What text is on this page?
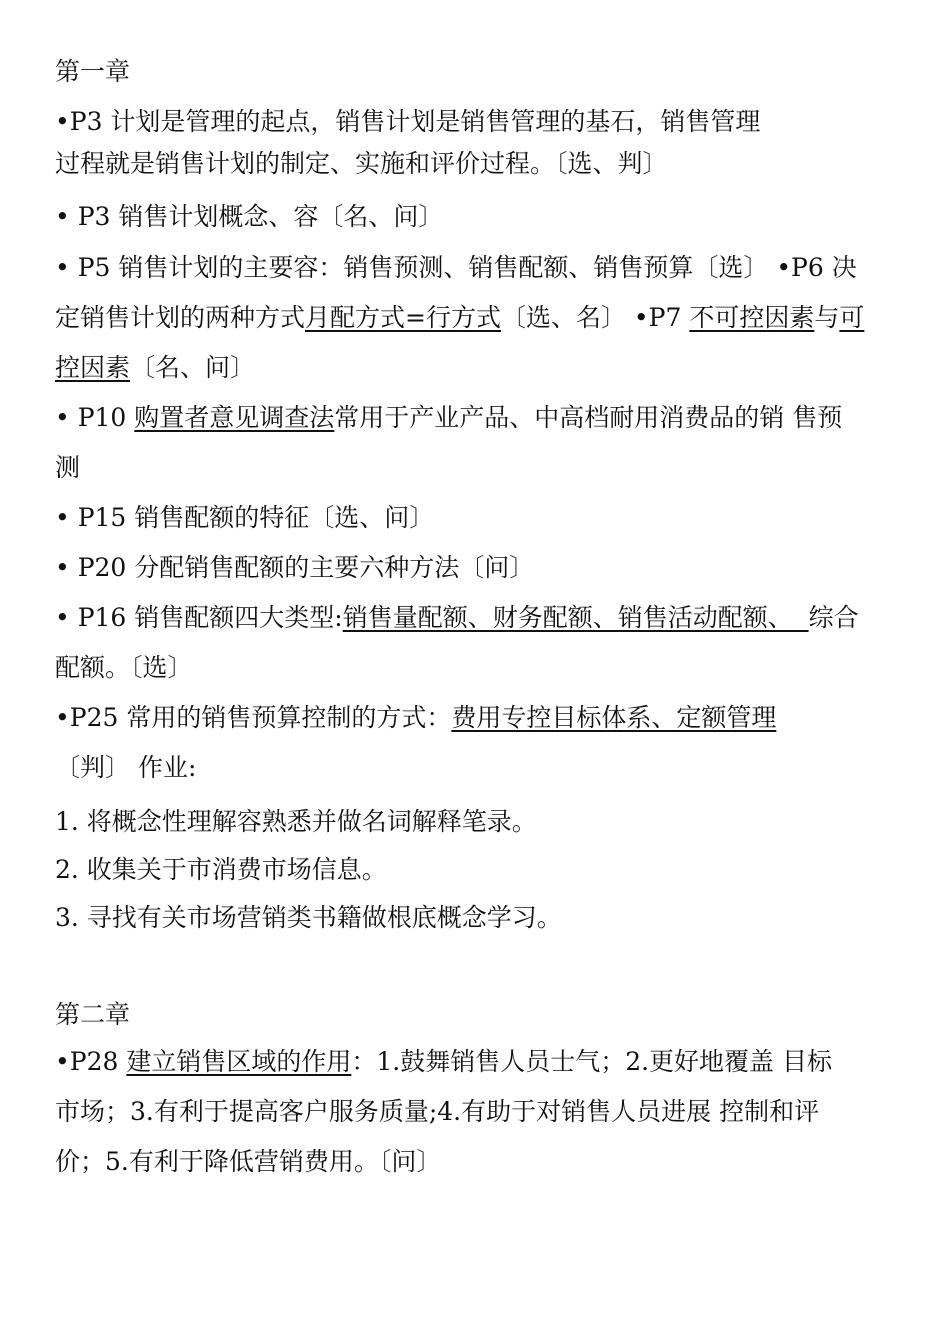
第一章
•P3 计划是管理的起点，销售计划是销售管理的基石，销售管理
过程就是销售计划的制定、实施和评价过程。〔选、判〕
• P3 销售计划概念、容〔名、问〕
• P5 销售计划的主要容：销售预测、销售配额、销售预算〔选〕 •P6 决
定销售计划的两种方式月配方式=行方式〔选、名〕 •P7 不可控因素与可
控因素〔名、问〕
• P10 购置者意见调查法常用于产业产品、中高档耐用消费品的销 售预
测
• P15 销售配额的特征〔选、问〕
• P20 分配销售配额的主要六种方法〔问〕
• P16 销售配额四大类型:销售量配额、财务配额、销售活动配额、  综合
配额。〔选〕
•P25 常用的销售预算控制的方式：费用专控目标体系、定额管理
〔判〕 作业:
1. 将概念性理解容熟悉并做名词解释笔录。
2. 收集关于市消费市场信息。
3. 寻找有关市场营销类书籍做根底概念学习。
第二章
•P28 建立销售区域的作用：1.鼓舞销售人员士气；2.更好地覆盖 目标
市场；3.有利于提高客户服务质量;4.有助于对销售人员进展 控制和评
价；5.有利于降低营销费用。〔问〕
